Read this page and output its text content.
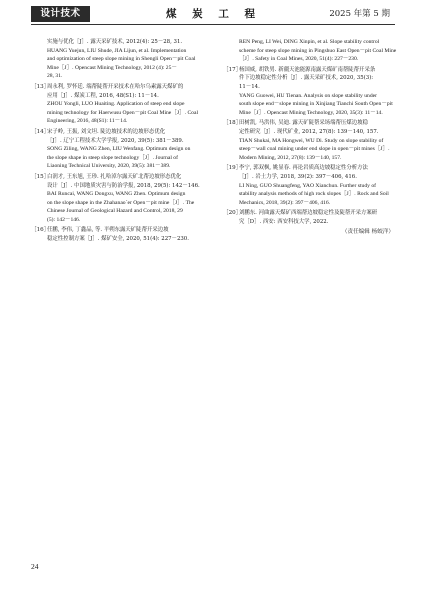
设计技术	煤 炭 工 程	2025 年第 5 期
实施与优化［J］. 露天采矿技术, 2012(4): 25－28, 31.
HUANG Yuejun, LIU Shude, JIA Lijun, et al. Implementation
and optimization of steep slope mining in Shengli Open－pit Coal
Mine［J］. Opencast Mining Technology, 2012 (4): 25－
28, 31.
［13］
周永利, 罗怀廷. 端帮陡帮开采技术在哈尔乌素露天煤矿的
应用［J］. 煤炭工程, 2016, 48(S1): 11－14.
ZHOU Yongli, LUO Huaiting. Application of steep end slope
mining technology for Haerwusu Open－pit Coal Mine［J］. Coal
Engineering, 2016, 48(S1): 11－14.
［14］
宋子岭, 王振, 刘文坦. 陡边坡技术的边坡形态优化
［J］. 辽宁工程技术大学学报, 2020, 39(5): 381－389.
SONG Ziling, WANG Zhen, LIU Wenfang. Optimum design on
the slope shape in steep slope technology［J］. Journal of
Liaoning Technical University, 2020, 39(5): 381－389.
［15］
白润才, 王东旭, 王珍. 扎哈淖尔露天矿北帮边坡形态优化
设计［J］. 中国地质灾害与防治学报, 2018, 29(5): 142－146.
BAI Runcai, WANG Dongxu, WANG Zhen. Optimum design
on the slope shape in the Zhahanao´er Open－pit mine［J］. The
Chinese Journal of Geological Hazard and Control, 2018, 29
(5): 142－146.
［16］
任鹏, 李伟, 丁鑫品, 等. 平朔东露天矿陡帮开采边坡
稳定性控制方案［J］. 煤矿安全, 2020, 51(4): 227－230.
REN Peng, LI Wei, DING Xinpin, et al. Slope stability control
scheme for steep slope mining in Pingshuo East Open－pit Coal Mine
［J］. Safety in Coal Mines, 2020, 51(4): 227－230.
［17］
杨国威, 胡铁男. 新疆天池能源南露天煤矿南帮陡帮开采条
件下边坡稳定性分析［J］. 露天采矿技术, 2020, 35(3):
11－14.
YANG Guowei, HU Tienan. Analysis on slope stability under
south slope end－slope mining in Xinjiang Tianchi South Open－pit
Mine［J］. Opencast Mining Technology, 2020, 35(3): 11－14.
［18］
田树凯, 马洪伟, 吴迪. 露天矿陡帮采场端帮压煤边坡稳
定性研究［J］. 现代矿业, 2012, 27(8): 139－140, 157.
TIAN Shukai, MA Hongwei, WU Di. Study on slope stability of
steep－wall coal mining under end slope in open－pit mines［J］.
Modern Mining, 2012, 27(8): 139－140, 157.
［19］
李宁, 郭双枫, 姚显春. 再论岩质高边坡稳定性分析方法
［J］. 岩土力学, 2018, 39(2): 397－406, 416.
LI Ning, GUO Shuangfeng, YAO Xianchun. Further study of
stability analysis methods of high rock slopes［J］. Rock and Soil
Mechanics, 2018, 39(2): 397－406, 416.
［20］
刘鹏东. 河曲露天煤矿西端帮边坡稳定性及陡帮开采方案研
究［D］. 西安: 西安科技大学, 2022.
（责任编辑 杨蛟洋）
24
